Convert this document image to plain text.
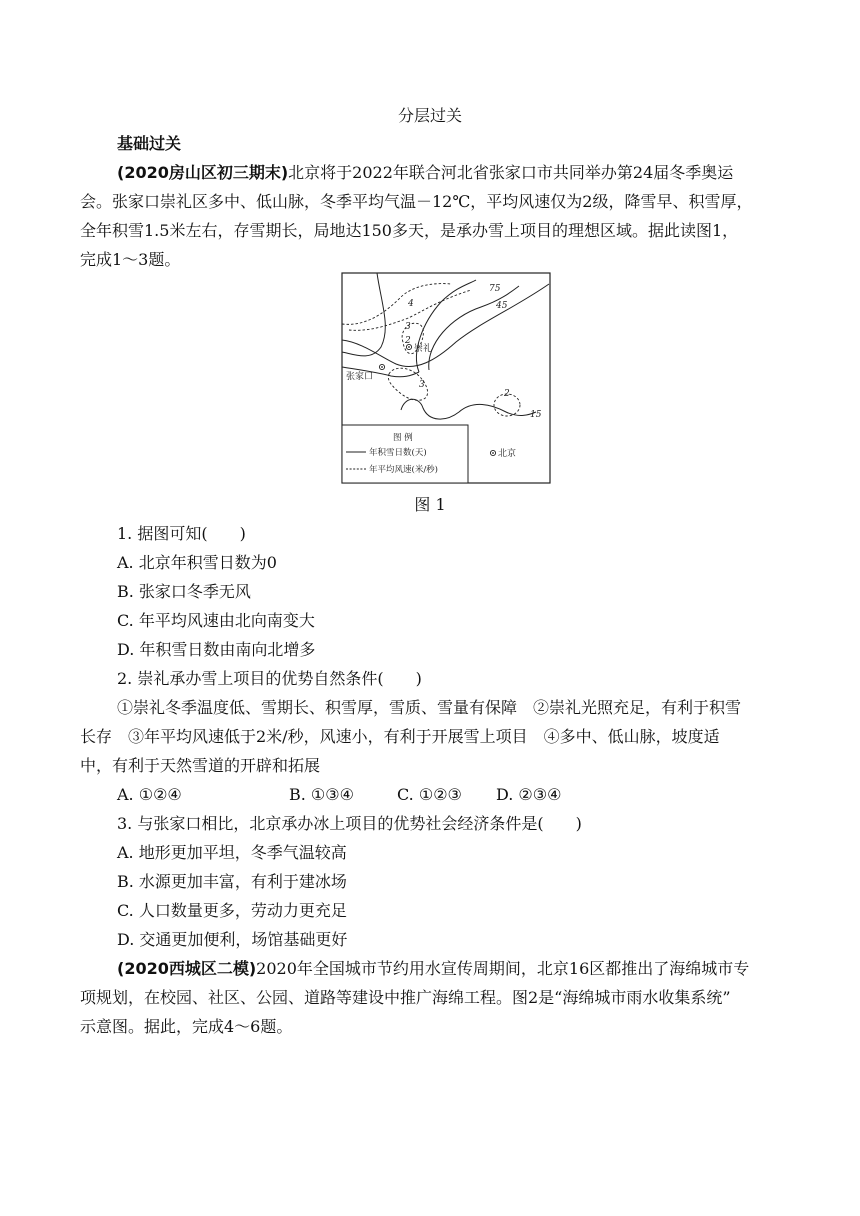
分层过关
基础过关
(2020房山区初三期末)北京将于2022年联合河北省张家口市共同举办第24届冬季奥运
会。张家口崇礼区多中、低山脉，冬季平均气温－12℃，平均风速仅为2级，降雪早、积雪厚，
全年积雪1.5米左右，存雪期长，局地达150多天，是承办雪上项目的理想区域。据此读图1，
完成1～3题。
崇礼
张家口
北京
75
45
15
4
3
2
3
2
图 例
年积雪日数(天)
年平均风速(米/秒)
图 1
1. 据图可知(　　)
A. 北京年积雪日数为0
B. 张家口冬季无风
C. 年平均风速由北向南变大
D. 年积雪日数由南向北增多
2. 崇礼承办雪上项目的优势自然条件(　　)
①崇礼冬季温度低、雪期长、积雪厚，雪质、雪量有保障　②崇礼光照充足，有利于积雪
长存　③年平均风速低于2米/秒，风速小，有利于开展雪上项目　④多中、低山脉，坡度适
中，有利于天然雪道的开辟和拓展
A. ①②④	B. ①③④	C. ①②③ D. ②③④
3. 与张家口相比，北京承办冰上项目的优势社会经济条件是(　　)
A. 地形更加平坦，冬季气温较高
B. 水源更加丰富，有利于建冰场
C. 人口数量更多，劳动力更充足
D. 交通更加便利，场馆基础更好
(2020西城区二模)2020年全国城市节约用水宣传周期间，北京16区都推出了海绵城市专
项规划，在校园、社区、公园、道路等建设中推广海绵工程。图2是“海绵城市雨水收集系统”
示意图。据此，完成4～6题。
